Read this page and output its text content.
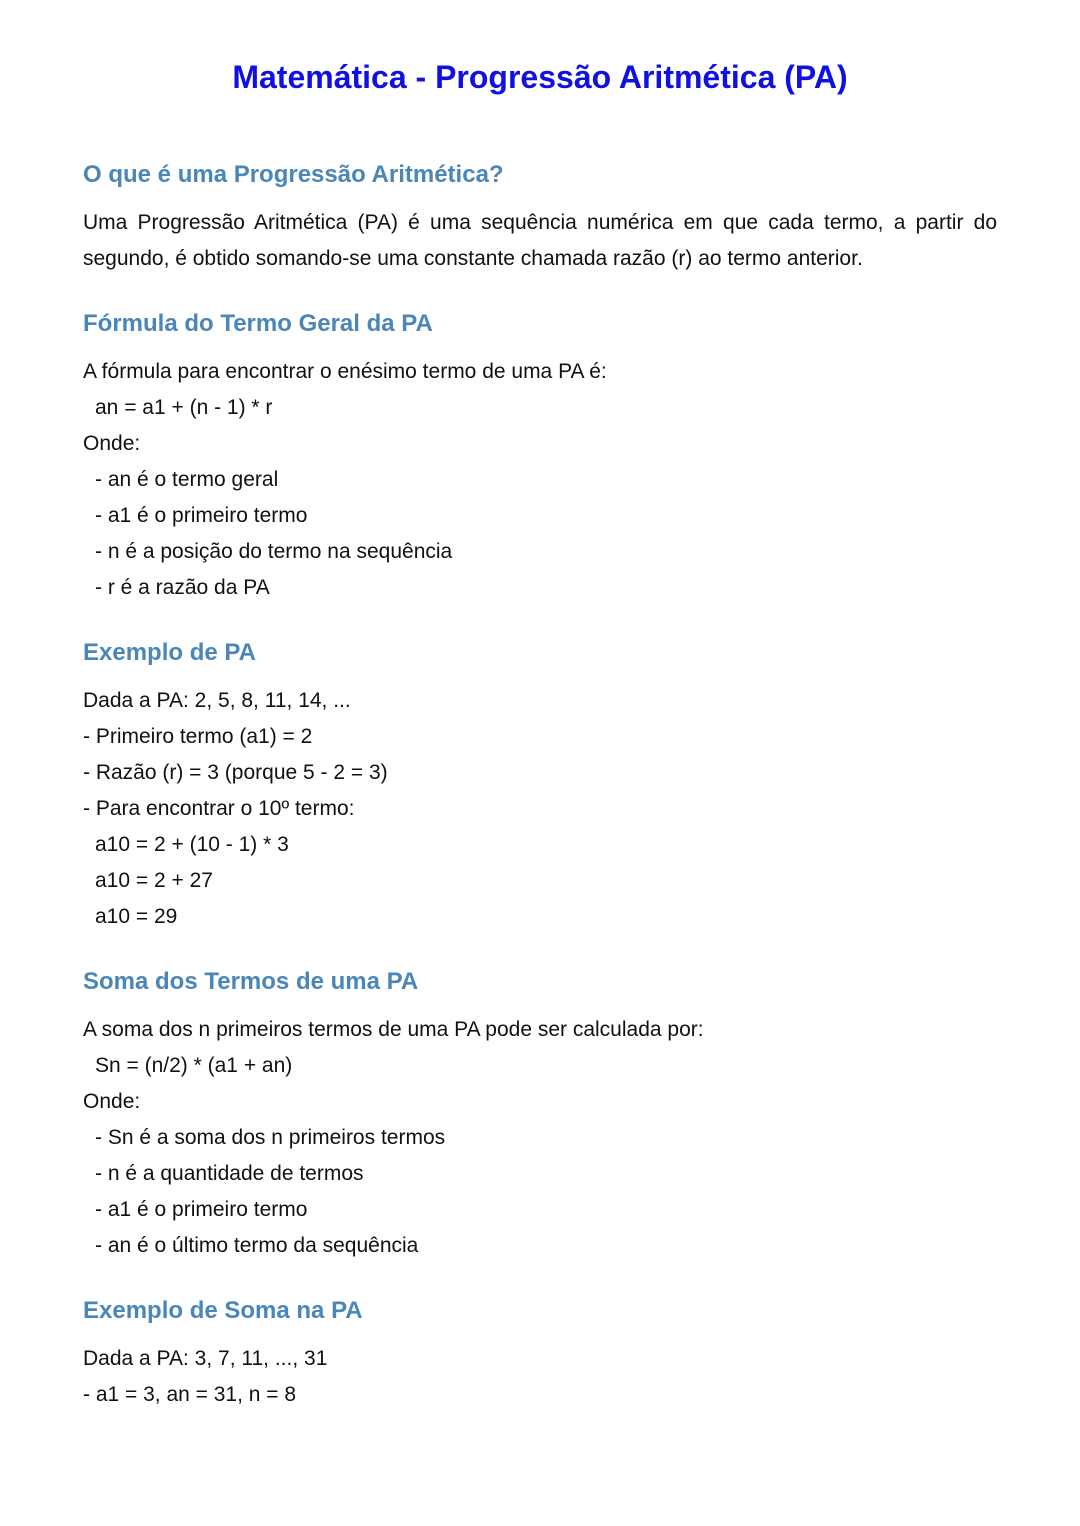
Matemática - Progressão Aritmética (PA)
O que é uma Progressão Aritmética?

Uma Progressão Aritmética (PA) é uma sequência numérica em que cada termo, a partir do segundo, é obtido somando-se uma constante chamada razão (r) ao termo anterior.

Fórmula do Termo Geral da PA

A fórmula para encontrar o enésimo termo de uma PA é:

an = a1 + (n - 1) * r

Onde:

- an é o termo geral

- a1 é o primeiro termo

- n é a posição do termo na sequência

- r é a razão da PA

Exemplo de PA

Dada a PA: 2, 5, 8, 11, 14, ...

- Primeiro termo (a1) = 2

- Razão (r) = 3 (porque 5 - 2 = 3)

- Para encontrar o 10º termo:

a10 = 2 + (10 - 1) * 3

a10 = 2 + 27

a10 = 29

Soma dos Termos de uma PA

A soma dos n primeiros termos de uma PA pode ser calculada por:

Sn = (n/2) * (a1 + an)

Onde:

- Sn é a soma dos n primeiros termos

- n é a quantidade de termos

- a1 é o primeiro termo

- an é o último termo da sequência

Exemplo de Soma na PA

Dada a PA: 3, 7, 11, ..., 31

- a1 = 3, an = 31, n = 8
